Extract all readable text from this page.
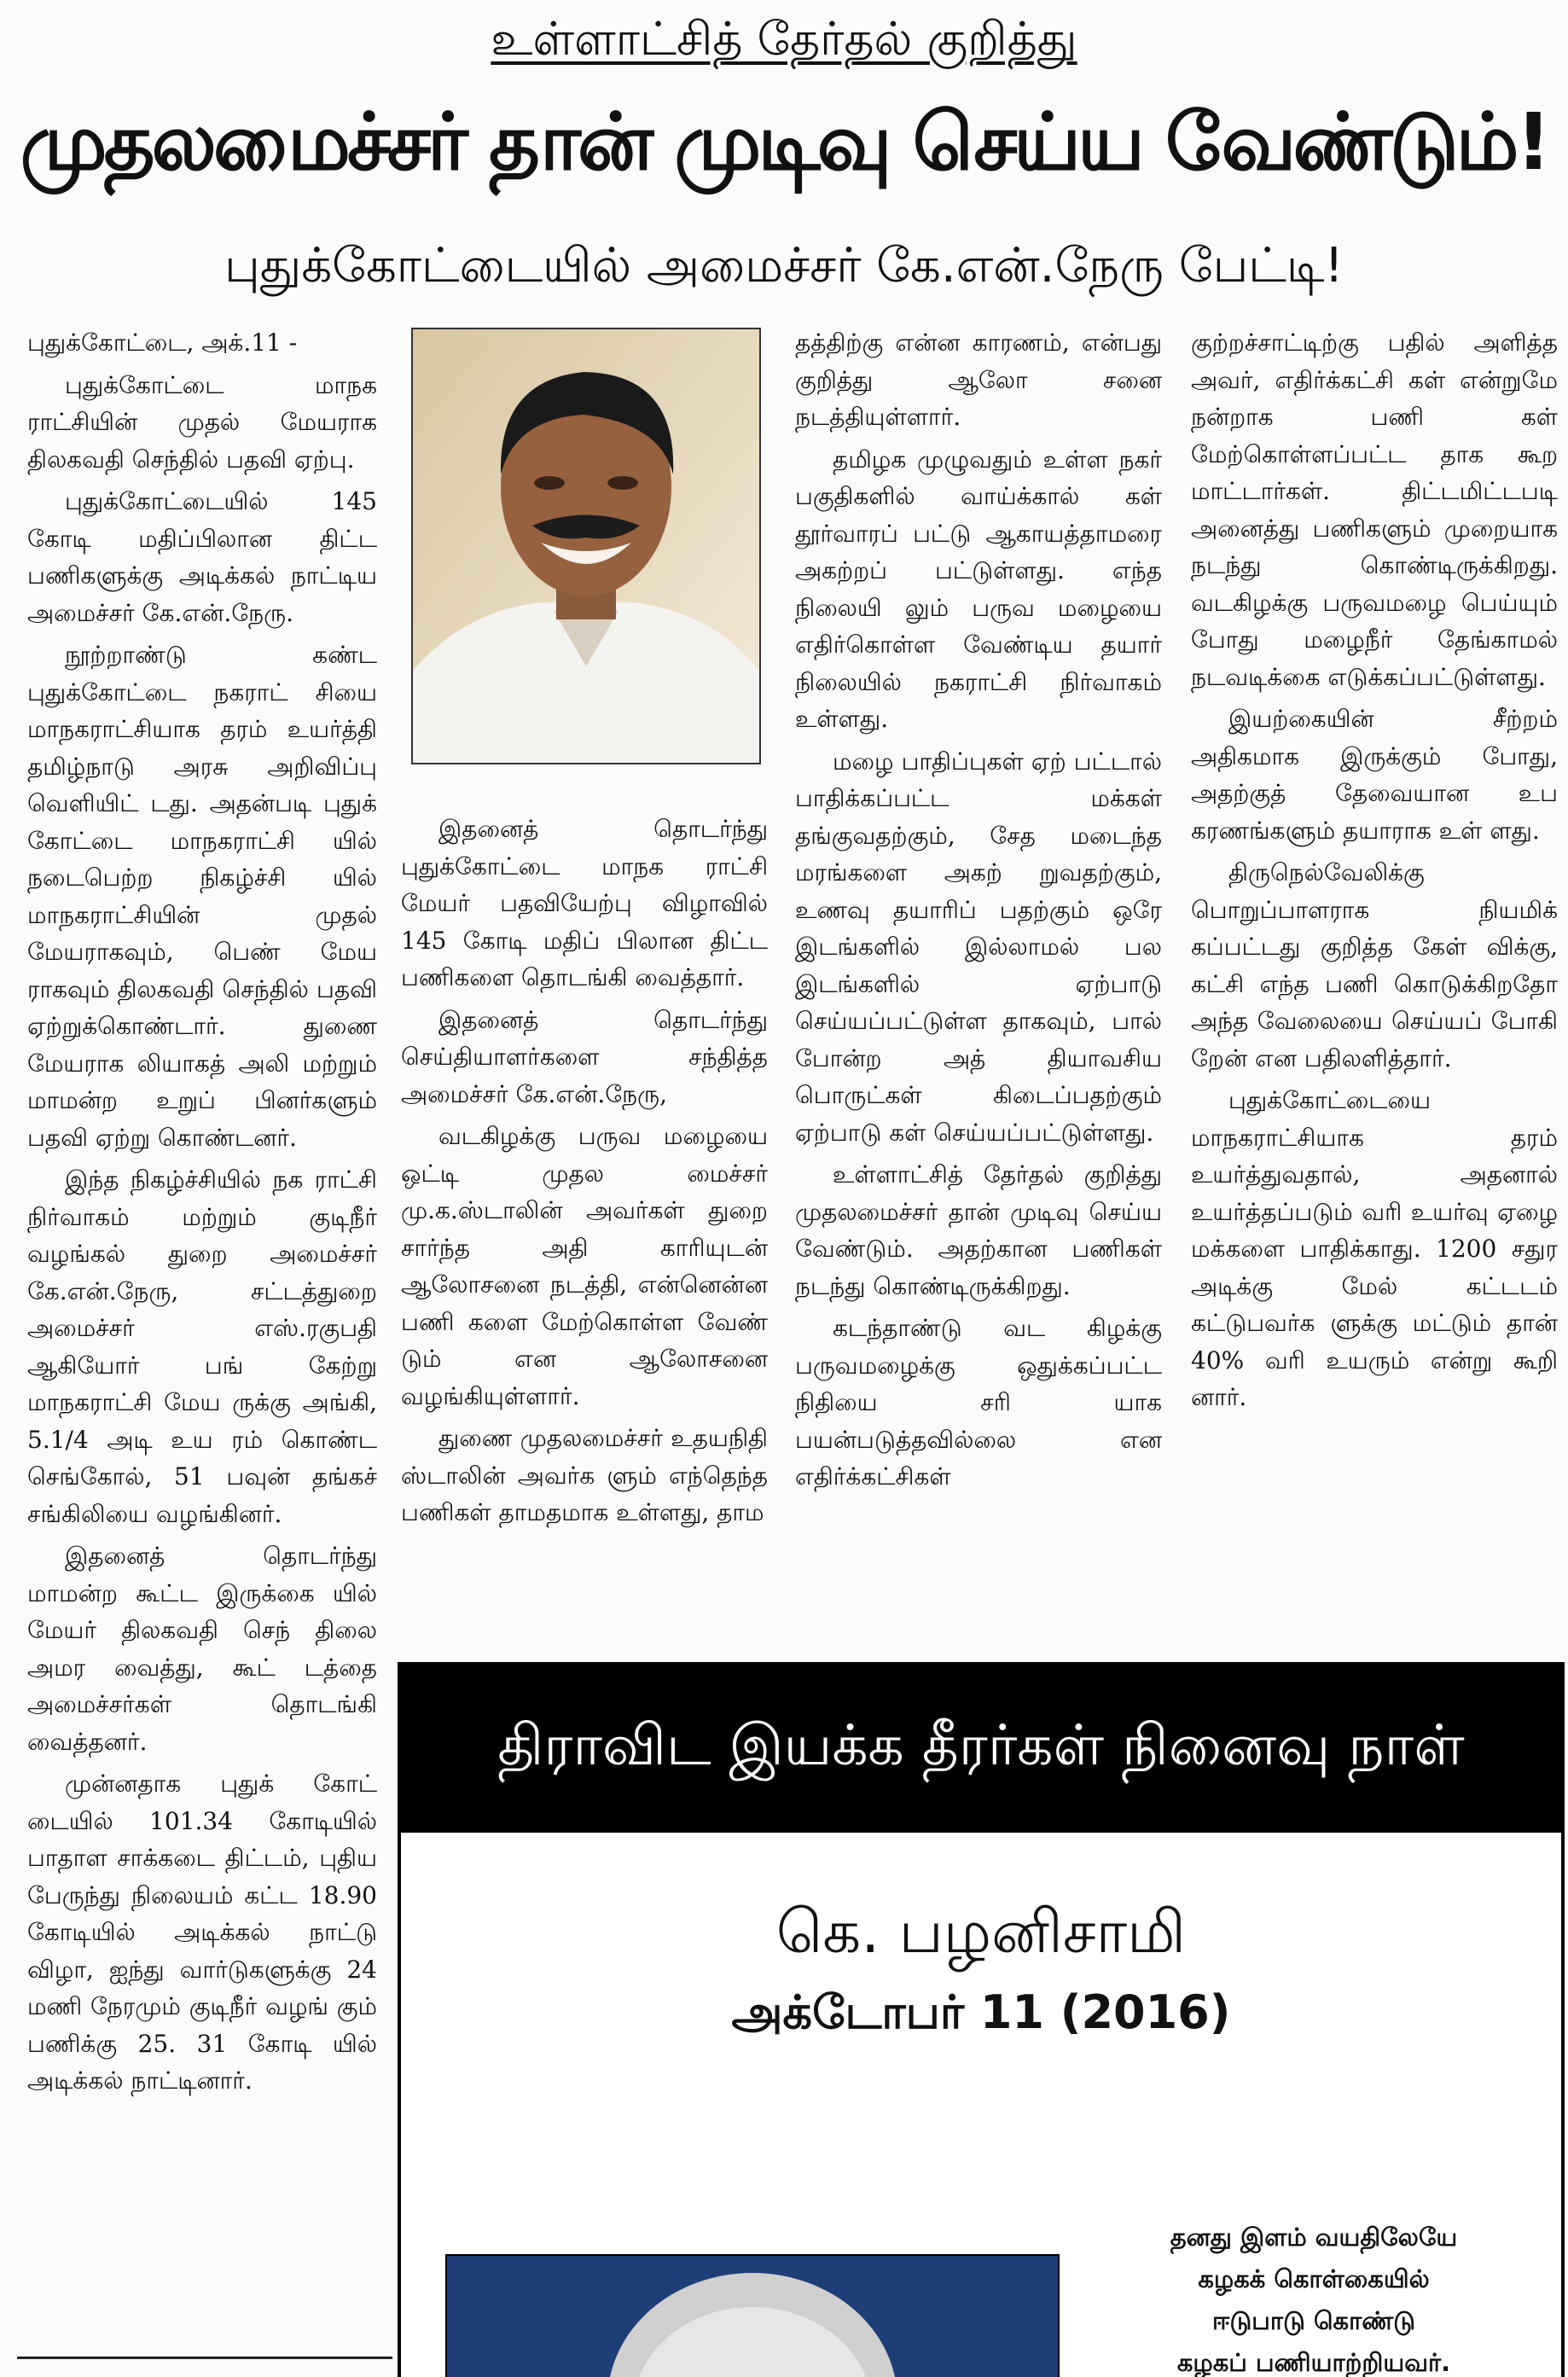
உள்ளாட்சித் தேர்தல் குறித்து
முதலமைச்சர் தான் முடிவு செய்ய வேண்டும்!
புதுக்கோட்டையில் அமைச்சர் கே.என்.நேரு பேட்டி!

புதுக்கோட்டை, அக்.11 -

புதுக்கோட்டை மாநக ராட்சியின் முதல் மேயராக திலகவதி செந்தில் பதவி ஏற்பு.

புதுக்கோட்டையில் 145 கோடி மதிப்பிலான திட்ட பணிகளுக்கு அடிக்கல் நாட்டிய அமைச்சர் கே.என்.நேரு.

நூற்றாண்டு கண்ட புதுக்கோட்டை நகராட் சியை மாநகராட்சியாக தரம் உயர்த்தி தமிழ்நாடு அரசு அறிவிப்பு வெளியிட் டது. அதன்படி புதுக் கோட்டை மாநகராட்சி யில் நடைபெற்ற நிகழ்ச்சி யில் மாநகராட்சியின் முதல் மேயராகவும், பெண் மேய ராகவும் திலகவதி செந்தில் பதவி ஏற்றுக்கொண்டார். துணை மேயராக லியாகத் அலி மற்றும் மாமன்ற உறுப் பினர்களும் பதவி ஏற்று கொண்டனர்.

இந்த நிகழ்ச்சியில் நக ராட்சி நிர்வாகம் மற்றும் குடிநீர் வழங்கல் துறை அமைச்சர் கே.என்.நேரு, சட்டத்துறை அமைச்சர் எஸ்.ரகுபதி ஆகியோர் பங் கேற்று மாநகராட்சி மேய ருக்கு அங்கி, 5.1/4 அடி உய ரம் கொண்ட செங்கோல், 51 பவுன் தங்கச் சங்கிலியை வழங்கினர்.

இதனைத் தொடர்ந்து மாமன்ற கூட்ட இருக்கை யில் மேயர் திலகவதி செந் திலை அமர வைத்து, கூட் டத்தை அமைச்சர்கள் தொடங்கி வைத்தனர்.

முன்னதாக புதுக் கோட் டையில் 101.34 கோடியில் பாதாள சாக்கடை திட்டம், புதிய பேருந்து நிலையம் கட்ட 18.90 கோடியில் அடிக்கல் நாட்டு விழா, ஐந்து வார்டுகளுக்கு 24 மணி நேரமும் குடிநீர் வழங் கும் பணிக்கு 25. 31 கோடி யில் அடிக்கல் நாட்டினார்.

இதனைத் தொடர்ந்து புதுக்கோட்டை மாநக ராட்சி மேயர் பதவியேற்பு விழாவில் 145 கோடி மதிப் பிலான திட்ட பணிகளை தொடங்கி வைத்தார்.

இதனைத் தொடர்ந்து செய்தியாளர்களை சந்தித்த அமைச்சர் கே.என்.நேரு,

வடகிழக்கு பருவ மழையை ஒட்டி முதல மைச்சர் மு.க.ஸ்டாலின் அவர்கள் துறை சார்ந்த அதி காரியுடன் ஆலோசனை நடத்தி, என்னென்ன பணி களை மேற்கொள்ள வேண் டும் என ஆலோசனை வழங்கியுள்ளார்.

துணை முதலமைச்சர் உதயநிதி ஸ்டாலின் அவர்க ளும் எந்தெந்த பணிகள் தாமதமாக உள்ளது, தாம

தத்திற்கு என்ன காரணம், என்பது குறித்து ஆலோ சனை நடத்தியுள்ளார்.

தமிழக முழுவதும் உள்ள நகர் பகுதிகளில் வாய்க்கால் கள் தூர்வாரப் பட்டு ஆகாயத்தாமரை அகற்றப் பட்டுள்ளது. எந்த நிலையி லும் பருவ மழையை எதிர்கொள்ள வேண்டிய தயார் நிலையில் நகராட்சி நிர்வாகம் உள்ளது.

மழை பாதிப்புகள் ஏற் பட்டால் பாதிக்கப்பட்ட மக்கள் தங்குவதற்கும், சேத மடைந்த மரங்களை அகற் றுவதற்கும், உணவு தயாரிப் பதற்கும் ஒரே இடங்களில் இல்லாமல் பல இடங்களில் ஏற்பாடு செய்யப்பட்டுள்ள தாகவும், பால் போன்ற அத் தியாவசிய பொருட்கள் கிடைப்பதற்கும் ஏற்பாடு கள் செய்யப்பட்டுள்ளது.

உள்ளாட்சித் தேர்தல் குறித்து முதலமைச்சர் தான் முடிவு செய்ய வேண்டும். அதற்கான பணிகள் நடந்து கொண்டிருக்கிறது.

கடந்தாண்டு வட கிழக்கு பருவமழைக்கு ஒதுக்கப்பட்ட நிதியை சரி யாக பயன்படுத்தவில்லை என எதிர்க்கட்சிகள்

குற்றச்சாட்டிற்கு பதில் அளித்த அவர், எதிர்க்கட்சி கள் என்றுமே நன்றாக பணி கள் மேற்கொள்ளப்பட்ட தாக கூற மாட்டார்கள். திட்டமிட்டபடி அனைத்து பணிகளும் முறையாக நடந்து கொண்டிருக்கிறது. வடகிழக்கு பருவமழை பெய்யும் போது மழைநீர் தேங்காமல் நடவடிக்கை எடுக்கப்பட்டுள்ளது.

இயற்கையின் சீற்றம் அதிகமாக இருக்கும் போது, அதற்குத் தேவையான உப கரணங்களும் தயாராக உள் ளது.

திருநெல்வேலிக்கு பொறுப்பாளராக நியமிக் கப்பட்டது குறித்த கேள் விக்கு, கட்சி எந்த பணி கொடுக்கிறதோ அந்த வேலையை செய்யப் போகி றேன் என பதிலளித்தார்.

புதுக்கோட்டையை மாநகராட்சியாக தரம் உயர்த்துவதால், அதனால் உயர்த்தப்படும் வரி உயர்வு ஏழை மக்களை பாதிக்காது. 1200 சதுர அடிக்கு மேல் கட்டடம் கட்டுபவர்க ளுக்கு மட்டும் தான் 40% வரி உயரும் என்று கூறி னார்.

திராவிட இயக்க தீரர்கள் நினைவு நாள்
கெ. பழனிசாமி
அக்டோபர் 11 (2016)
தனது இளம் வயதிலேயே
கழகக் கொள்கையில்
ஈடுபாடு கொண்டு
கழகப் பணியாற்றியவர்.
